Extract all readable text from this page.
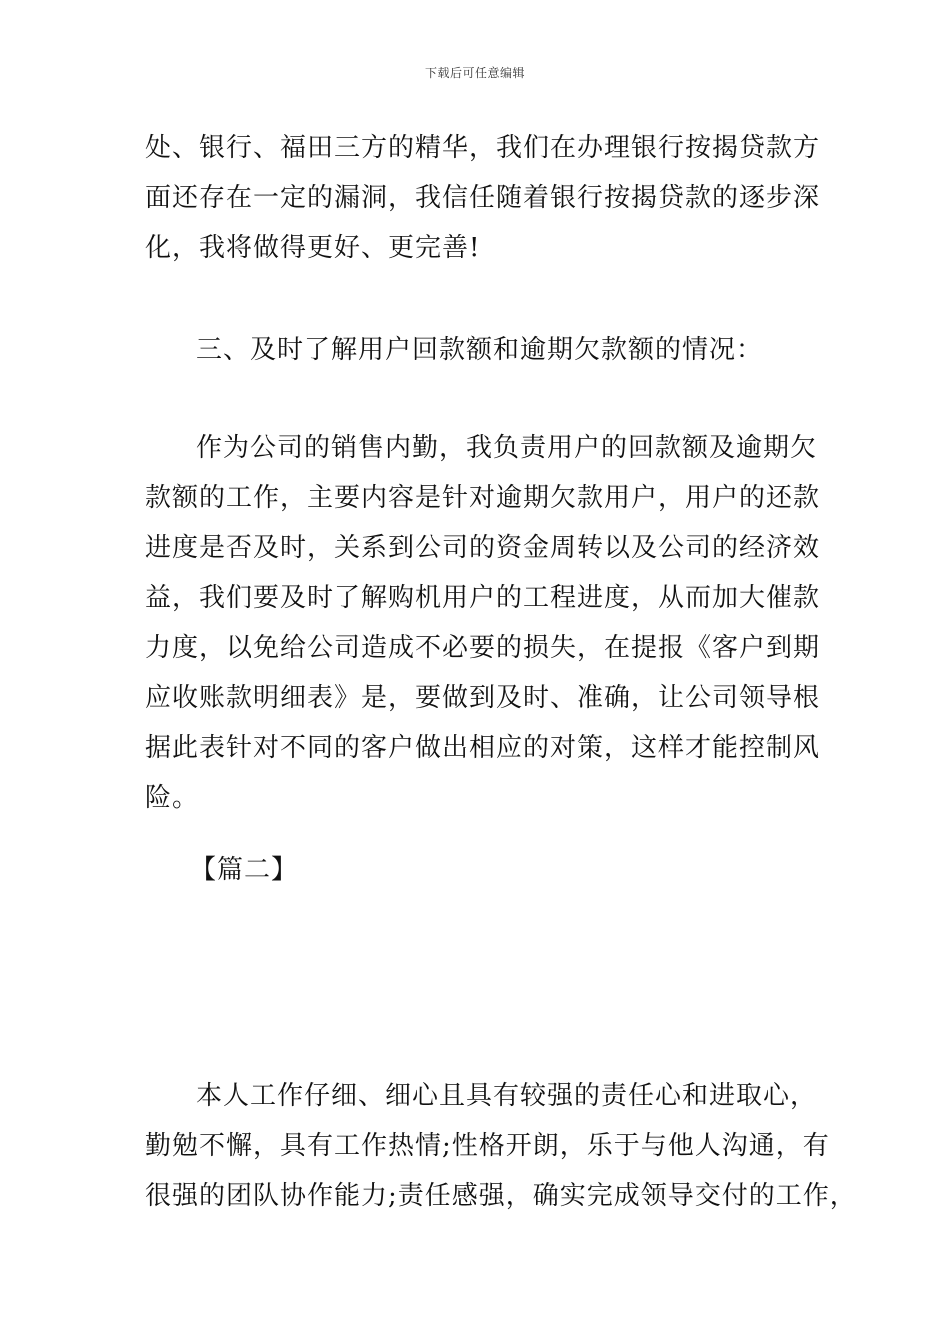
下载后可任意编辑
处、银行、福田三方的精华，我们在办理银行按揭贷款方
面还存在一定的漏洞，我信任随着银行按揭贷款的逐步深
化，我将做得更好、更完善!
三、及时了解用户回款额和逾期欠款额的情况：
作为公司的销售内勤，我负责用户的回款额及逾期欠
款额的工作，主要内容是针对逾期欠款用户，用户的还款
进度是否及时，关系到公司的资金周转以及公司的经济效
益，我们要及时了解购机用户的工程进度，从而加大催款
力度，以免给公司造成不必要的损失，在提报《客户到期
应收账款明细表》是，要做到及时、准确，让公司领导根
据此表针对不同的客户做出相应的对策，这样才能控制风
险。
【篇二】
本人工作仔细、细心且具有较强的责任心和进取心，
勤勉不懈，具有工作热情;性格开朗，乐于与他人沟通，有
很强的团队协作能力;责任感强，确实完成领导交付的工作，
